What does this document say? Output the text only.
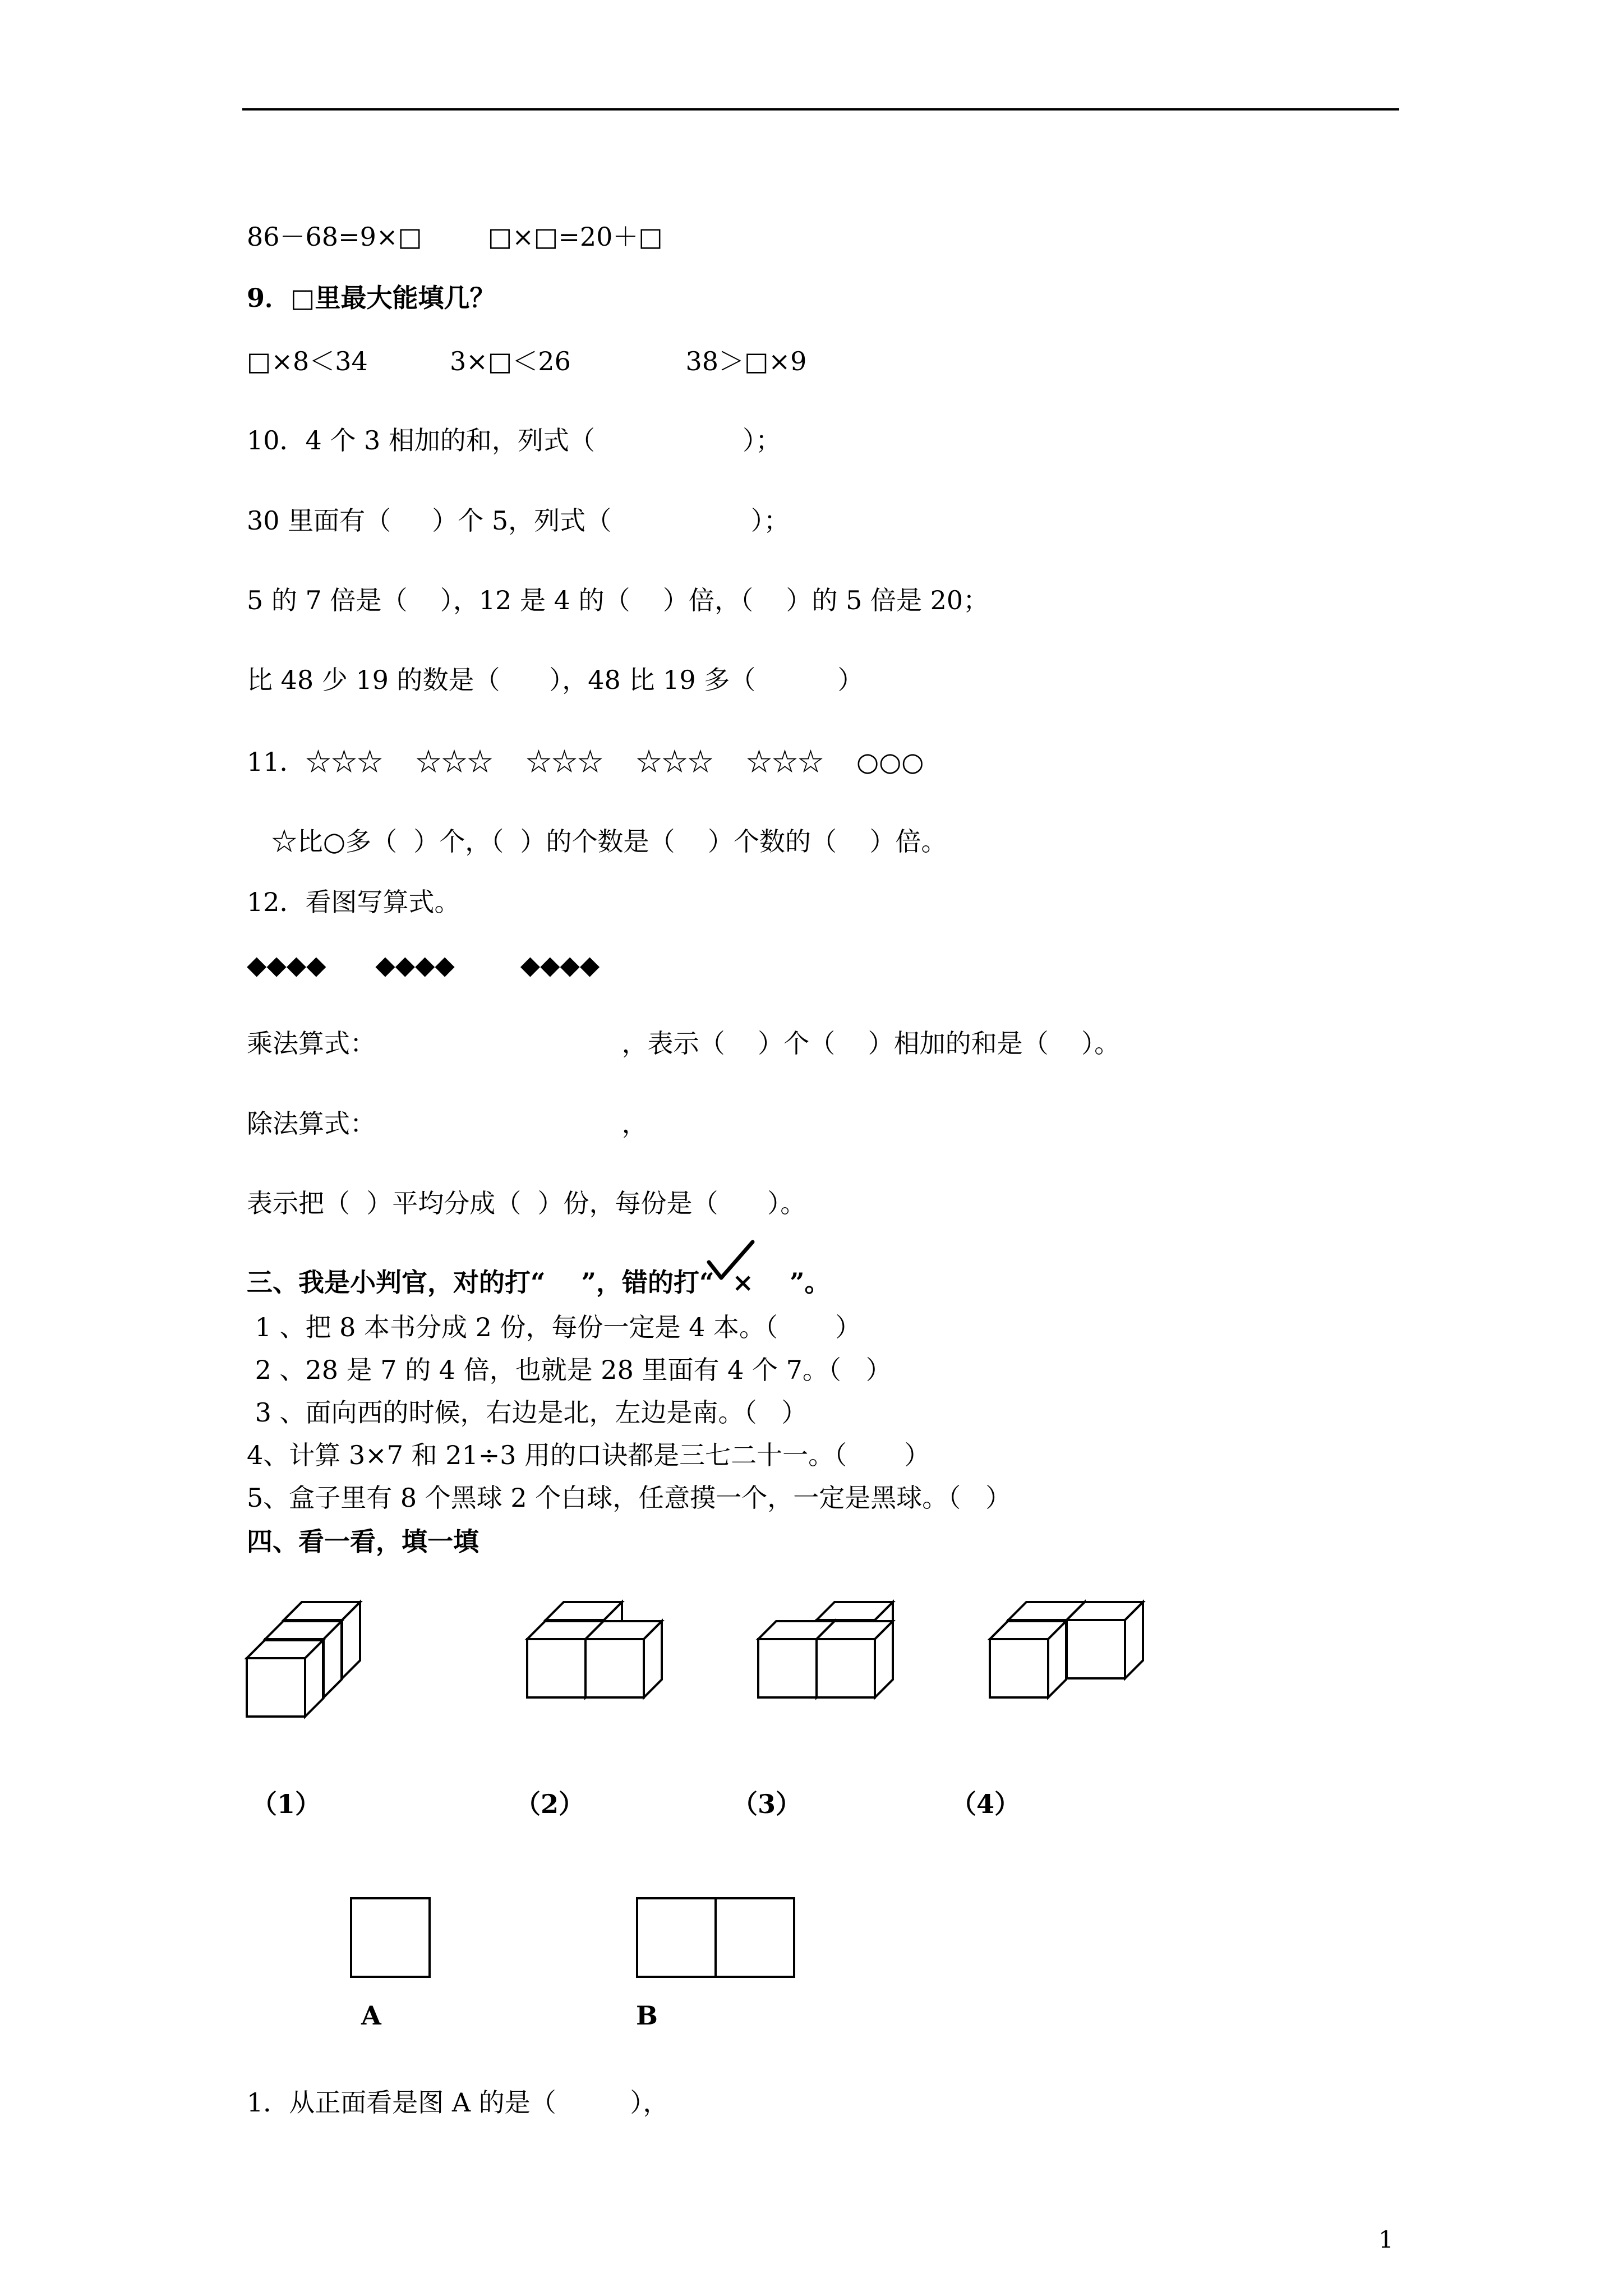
86－68=9×□        □×□=20＋□
9．□里最大能填几？
□×8＜34          3×□＜26              38＞□×9
10．4 个 3 相加的和，列式（                  ）；
30 里面有（     ）个 5，列式（                 ）；
5 的 7 倍是（    ），12 是 4 的（    ）倍，（    ）的 5 倍是 20；
比 48 少 19 的数是（      ），48 比 19 多（          ）
11．☆☆☆    ☆☆☆    ☆☆☆    ☆☆☆    ☆☆☆    ○○○
☆比○多（  ）个，（  ）的个数是（    ）个数的（    ）倍。
12．看图写算式。
◆◆◆◆      ◆◆◆◆        ◆◆◆◆
乘法算式：                              ，表示（    ）个（    ）相加的和是（    ）。
除法算式：                              ，
表示把（  ）平均分成（  ）份，每份是（      ）。
三、我是小判官，对的打“    ”，错的打“  ×    ”。
1 、把 8 本书分成 2 份，每份一定是 4 本。（       ）
2 、28 是 7 的 4 倍，也就是 28 里面有 4 个 7。（   ）
3 、面向西的时候，右边是北，左边是南。（   ）
4、计算 3×7 和 21÷3 用的口诀都是三七二十一。（       ）
5、盒子里有 8 个黑球 2 个白球，任意摸一个，一定是黑球。（   ）
四、看一看，填一填
（1）	（2）	（3）	（4）
A	B
1．从正面看是图 A 的是（         ），
1
